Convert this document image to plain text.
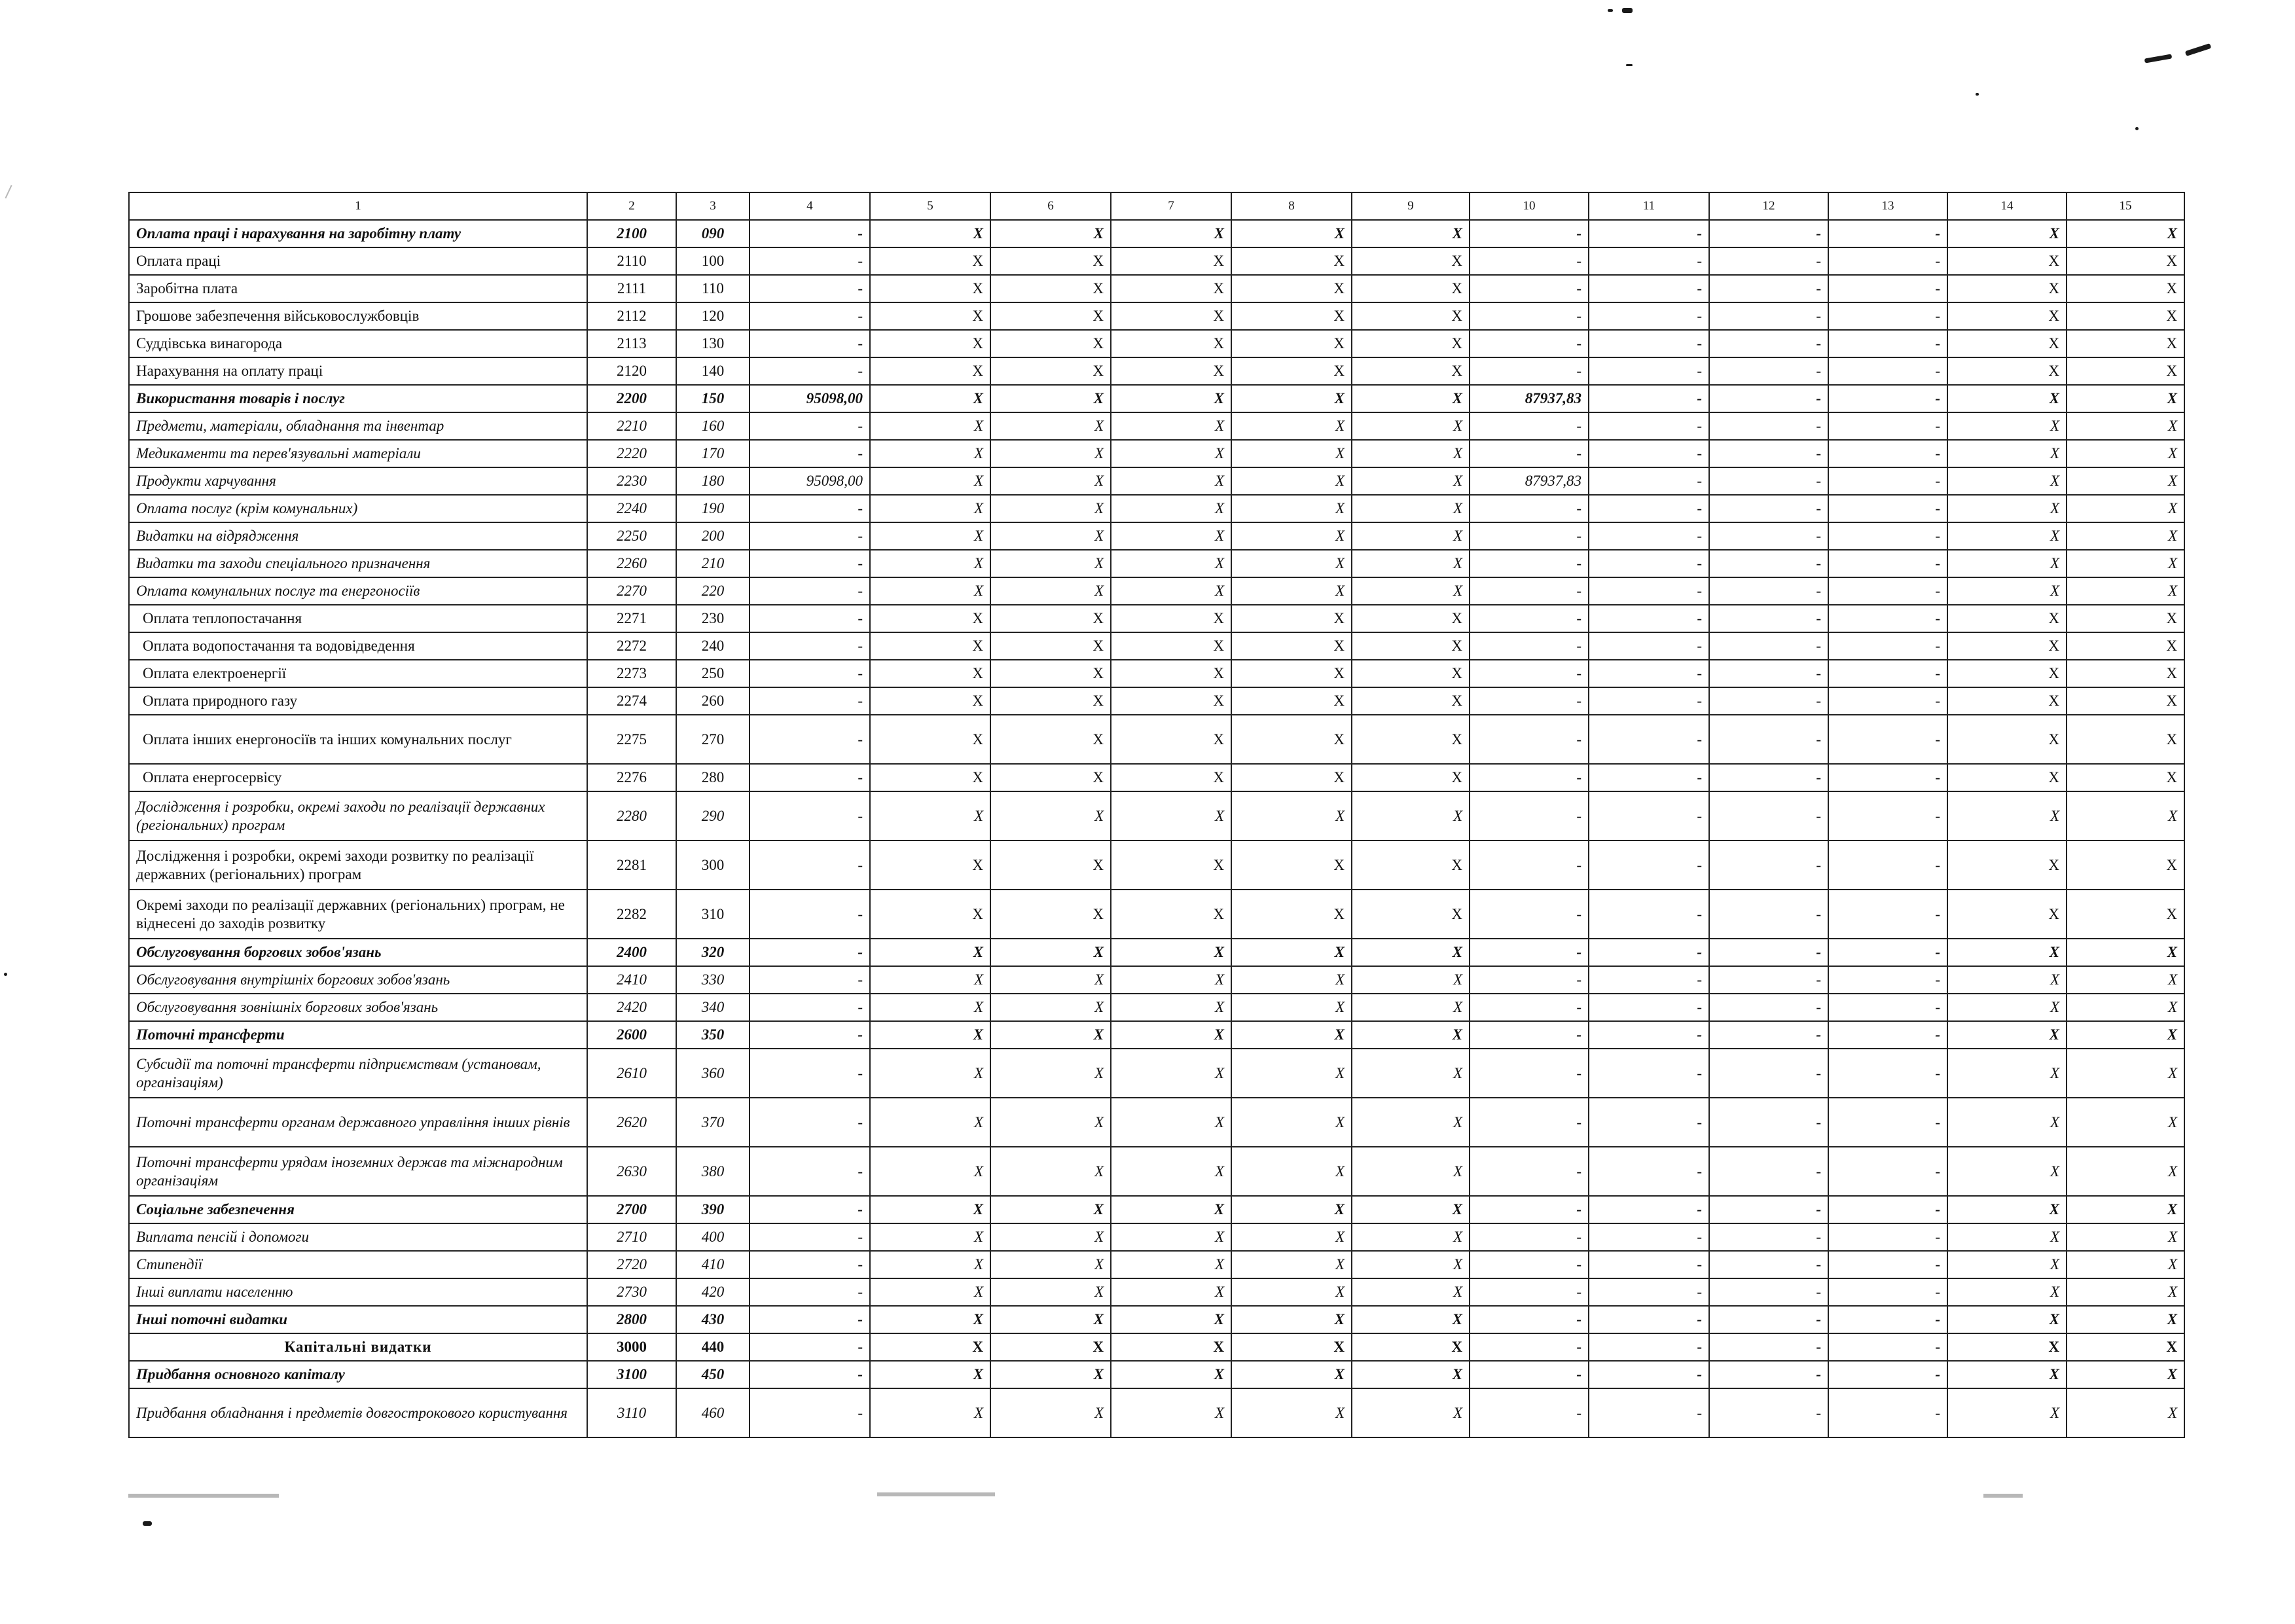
1	2	3	4	5	6	7	8	9	10	11	12	13	14	15
Оплата праці і нарахування на заробітну плату	2100	090	-	X	X	X	X	X	-	-	-	-	X	X
Оплата праці	2110	100	-	X	X	X	X	X	-	-	-	-	X	X
Заробітна плата	2111	110	-	X	X	X	X	X	-	-	-	-	X	X
Грошове забезпечення військовослужбовців	2112	120	-	X	X	X	X	X	-	-	-	-	X	X
Суддівська винагорода	2113	130	-	X	X	X	X	X	-	-	-	-	X	X
Нарахування на оплату праці	2120	140	-	X	X	X	X	X	-	-	-	-	X	X
Використання товарів і послуг	2200	150	95098,00	X	X	X	X	X	87937,83	-	-	-	X	X
Предмети, матеріали, обладнання та інвентар	2210	160	-	X	X	X	X	X	-	-	-	-	X	X
Медикаменти та перев'язувальні матеріали	2220	170	-	X	X	X	X	X	-	-	-	-	X	X
Продукти харчування	2230	180	95098,00	X	X	X	X	X	87937,83	-	-	-	X	X
Оплата послуг (крім комунальних)	2240	190	-	X	X	X	X	X	-	-	-	-	X	X
Видатки на відрядження	2250	200	-	X	X	X	X	X	-	-	-	-	X	X
Видатки та заходи спеціального призначення	2260	210	-	X	X	X	X	X	-	-	-	-	X	X
Оплата комунальних послуг та енергоносіїв	2270	220	-	X	X	X	X	X	-	-	-	-	X	X
Оплата теплопостачання	2271	230	-	X	X	X	X	X	-	-	-	-	X	X
Оплата водопостачання та водовідведення	2272	240	-	X	X	X	X	X	-	-	-	-	X	X
Оплата електроенергії	2273	250	-	X	X	X	X	X	-	-	-	-	X	X
Оплата природного газу	2274	260	-	X	X	X	X	X	-	-	-	-	X	X
Оплата інших енергоносіїв та інших комунальних послуг	2275	270	-	X	X	X	X	X	-	-	-	-	X	X
Оплата енергосервісу	2276	280	-	X	X	X	X	X	-	-	-	-	X	X
Дослідження і розробки, окремі заходи по реалізації державних (регіональних) програм	2280	290	-	X	X	X	X	X	-	-	-	-	X	X
Дослідження і розробки, окремі заходи розвитку по реалізації державних (регіональних) програм	2281	300	-	X	X	X	X	X	-	-	-	-	X	X
Окремі заходи по реалізації державних (регіональних) програм, не віднесені до заходів розвитку	2282	310	-	X	X	X	X	X	-	-	-	-	X	X
Обслуговування боргових зобов'язань	2400	320	-	X	X	X	X	X	-	-	-	-	X	X
Обслуговування внутрішніх боргових зобов'язань	2410	330	-	X	X	X	X	X	-	-	-	-	X	X
Обслуговування зовнішніх боргових зобов'язань	2420	340	-	X	X	X	X	X	-	-	-	-	X	X
Поточні трансферти	2600	350	-	X	X	X	X	X	-	-	-	-	X	X
Субсидії та поточні трансферти підприємствам (установам, організаціям)	2610	360	-	X	X	X	X	X	-	-	-	-	X	X
Поточні трансферти органам державного управління інших рівнів	2620	370	-	X	X	X	X	X	-	-	-	-	X	X
Поточні трансферти урядам іноземних держав та міжнародним організаціям	2630	380	-	X	X	X	X	X	-	-	-	-	X	X
Соціальне забезпечення	2700	390	-	X	X	X	X	X	-	-	-	-	X	X
Виплата пенсій і допомоги	2710	400	-	X	X	X	X	X	-	-	-	-	X	X
Стипендії	2720	410	-	X	X	X	X	X	-	-	-	-	X	X
Інші виплати населенню	2730	420	-	X	X	X	X	X	-	-	-	-	X	X
Інші поточні видатки	2800	430	-	X	X	X	X	X	-	-	-	-	X	X
Капітальні видатки	3000	440	-	X	X	X	X	X	-	-	-	-	X	X
Придбання основного капіталу	3100	450	-	X	X	X	X	X	-	-	-	-	X	X
Придбання обладнання і предметів довгострокового користування	3110	460	-	X	X	X	X	X	-	-	-	-	X	X
